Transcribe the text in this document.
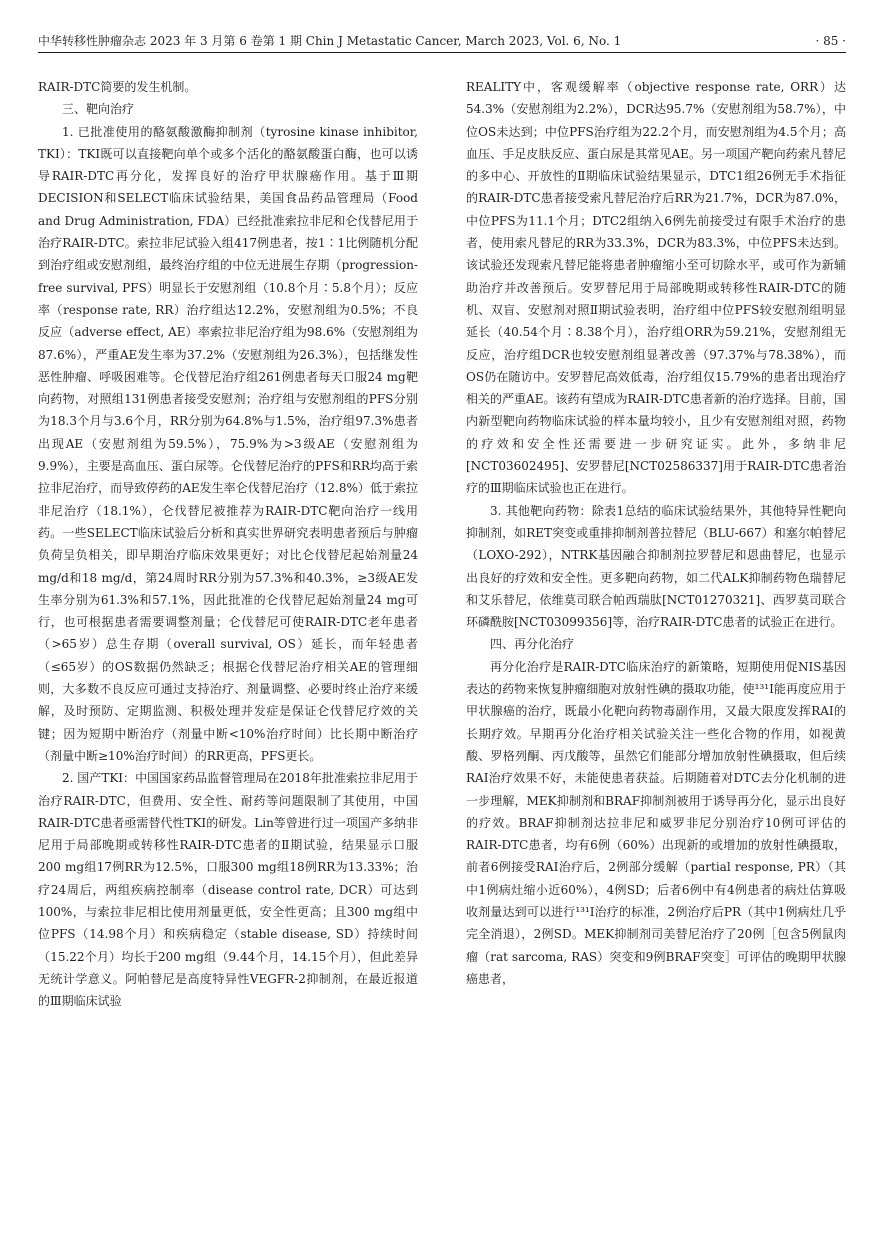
中华转移性肿瘤杂志 2023 年 3 月第 6 卷第 1 期 Chin J Metastatic Cancer, March 2023, Vol. 6, No. 1	· 85 ·

RAIR-DTC简要的发生机制。

三、靶向治疗

1. 已批准使用的酪氨酸激酶抑制剂（tyrosine kinase inhibitor, TKI）：TKI既可以直接靶向单个或多个活化的酪氨酸蛋白酶，也可以诱导RAIR-DTC再分化，发挥良好的治疗甲状腺癌作用。基于Ⅲ期DECISION和SELECT临床试验结果，美国食品药品管理局（Food and Drug Administration, FDA）已经批准索拉非尼和仑伐替尼用于治疗RAIR-DTC。索拉非尼试验入组417例患者，按1∶1比例随机分配到治疗组或安慰剂组，最终治疗组的中位无进展生存期（progression-free survival, PFS）明显长于安慰剂组（10.8个月∶5.8个月）；反应率（response rate, RR）治疗组达12.2%，安慰剂组为0.5%；不良反应（adverse effect, AE）率索拉非尼治疗组为98.6%（安慰剂组为87.6%），严重AE发生率为37.2%（安慰剂组为26.3%），包括继发性恶性肿瘤、呼吸困难等。仑伐替尼治疗组261例患者每天口服24 mg靶向药物，对照组131例患者接受安慰剂；治疗组与安慰剂组的PFS分别为18.3个月与3.6个月，RR分别为64.8%与1.5%，治疗组97.3%患者出现AE（安慰剂组为59.5%），75.9%为>3级AE（安慰剂组为9.9%），主要是高血压、蛋白尿等。仑伐替尼治疗的PFS和RR均高于索拉非尼治疗，而导致停药的AE发生率仑伐替尼治疗（12.8%）低于索拉非尼治疗（18.1%），仑伐替尼被推荐为RAIR-DTC靶向治疗一线用药。一些SELECT临床试验后分析和真实世界研究表明患者预后与肿瘤负荷呈负相关，即早期治疗临床效果更好；对比仑伐替尼起始剂量24 mg/d和18 mg/d，第24周时RR分别为57.3%和40.3%，≥3级AE发生率分别为61.3%和57.1%，因此批准的仑伐替尼起始剂量24 mg可行，也可根据患者需要调整剂量；仑伐替尼可使RAIR-DTC老年患者（>65岁）总生存期（overall survival, OS）延长，而年轻患者（≤65岁）的OS数据仍然缺乏；根据仑伐替尼治疗相关AE的管理细则，大多数不良反应可通过支持治疗、剂量调整、必要时终止治疗来缓解，及时预防、定期监测、积极处理并发症是保证仑伐替尼疗效的关键；因为短期中断治疗（剂量中断<10%治疗时间）比长期中断治疗（剂量中断≥10%治疗时间）的RR更高，PFS更长。

2. 国产TKI：中国国家药品监督管理局在2018年批准索拉非尼用于治疗RAIR-DTC，但费用、安全性、耐药等问题限制了其使用，中国RAIR-DTC患者亟需替代性TKI的研发。Lin等曾进行过一项国产多纳非尼用于局部晚期或转移性RAIR-DTC患者的Ⅱ期试验，结果显示口服200 mg组17例RR为12.5%，口服300 mg组18例RR为13.33%；治疗24周后，两组疾病控制率（disease control rate, DCR）可达到100%，与索拉非尼相比使用剂量更低，安全性更高；且300 mg组中位PFS（14.98个月）和疾病稳定（stable disease, SD）持续时间（15.22个月）均长于200 mg组（9.44个月，14.15个月），但此差异无统计学意义。阿帕替尼是高度特异性VEGFR-2抑制剂，在最近报道的Ⅲ期临床试验

REALITY中，客观缓解率（objective response rate, ORR）达54.3%（安慰剂组为2.2%），DCR达95.7%（安慰剂组为58.7%），中位OS未达到；中位PFS治疗组为22.2个月，而安慰剂组为4.5个月；高血压、手足皮肤反应、蛋白尿是其常见AE。另一项国产靶向药索凡替尼的多中心、开放性的Ⅱ期临床试验结果显示，DTC1组26例无手术指征的RAIR-DTC患者接受索凡替尼治疗后RR为21.7%，DCR为87.0%，中位PFS为11.1个月；DTC2组纳入6例先前接受过有限手术治疗的患者，使用索凡替尼的RR为33.3%，DCR为83.3%，中位PFS未达到。该试验还发现索凡替尼能将患者肿瘤缩小至可切除水平，或可作为新辅助治疗并改善预后。安罗替尼用于局部晚期或转移性RAIR-DTC的随机、双盲、安慰剂对照Ⅱ期试验表明，治疗组中位PFS较安慰剂组明显延长（40.54个月∶8.38个月），治疗组ORR为59.21%，安慰剂组无反应，治疗组DCR也较安慰剂组显著改善（97.37%与78.38%），而OS仍在随访中。安罗替尼高效低毒，治疗组仅15.79%的患者出现治疗相关的严重AE。该药有望成为RAIR-DTC患者新的治疗选择。目前，国内新型靶向药物临床试验的样本量均较小，且少有安慰剂组对照，药物的疗效和安全性还需要进一步研究证实。此外，多纳非尼[NCT03602495]、安罗替尼[NCT02586337]用于RAIR-DTC患者治疗的Ⅲ期临床试验也正在进行。

3. 其他靶向药物：除表1总结的临床试验结果外，其他特异性靶向抑制剂，如RET突变或重排抑制剂普拉替尼（BLU-667）和塞尔帕替尼（LOXO-292），NTRK基因融合抑制剂拉罗替尼和恩曲替尼，也显示出良好的疗效和安全性。更多靶向药物，如二代ALK抑制药物色瑞替尼和艾乐替尼，依维莫司联合帕西瑞肽[NCT01270321]、西罗莫司联合环磷酰胺[NCT03099356]等，治疗RAIR-DTC患者的试验正在进行。

四、再分化治疗

再分化治疗是RAIR-DTC临床治疗的新策略，短期使用促NIS基因表达的药物来恢复肿瘤细胞对放射性碘的摄取功能，使¹³¹I能再度应用于甲状腺癌的治疗，既最小化靶向药物毒副作用，又最大限度发挥RAI的长期疗效。早期再分化治疗相关试验关注一些化合物的作用，如视黄酸、罗格列酮、丙戊酸等，虽然它们能部分增加放射性碘摄取，但后续RAI治疗效果不好，未能使患者获益。后期随着对DTC去分化机制的进一步理解，MEK抑制剂和BRAF抑制剂被用于诱导再分化，显示出良好的疗效。BRAF抑制剂达拉非尼和威罗非尼分别治疗10例可评估的RAIR-DTC患者，均有6例（60%）出现新的或增加的放射性碘摄取，前者6例接受RAI治疗后，2例部分缓解（partial response, PR）（其中1例病灶缩小近60%），4例SD；后者6例中有4例患者的病灶估算吸收剂量达到可以进行¹³¹I治疗的标准，2例治疗后PR（其中1例病灶几乎完全消退），2例SD。MEK抑制剂司美替尼治疗了20例［包含5例鼠肉瘤（rat sarcoma, RAS）突变和9例BRAF突变］可评估的晚期甲状腺癌患者，
